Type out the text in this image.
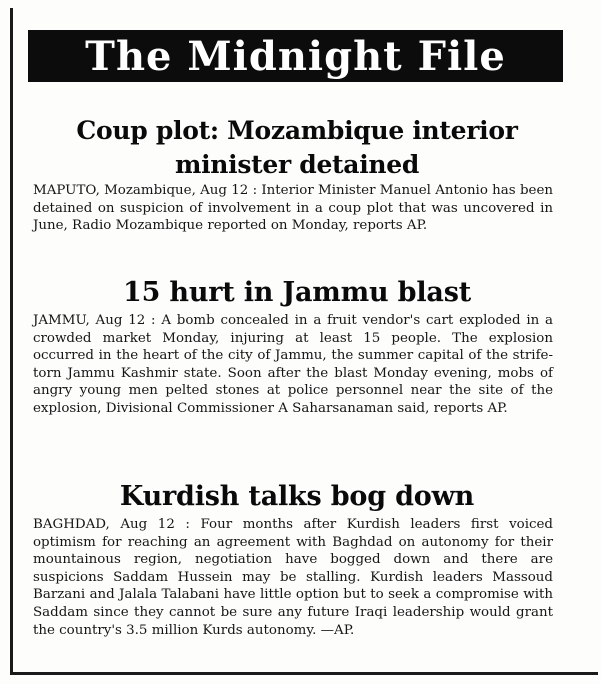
The Midnight File
Coup plot: Mozambique interior minister detained
MAPUTO, Mozambique, Aug 12 : Interior Minister Manuel Antonio has been detained on suspicion of involvement in a coup plot that was uncovered in June, Radio Mozambique reported on Monday, reports AP.
15 hurt in Jammu blast
JAMMU, Aug 12 : A bomb concealed in a fruit vendor's cart exploded in a crowded market Monday, injuring at least 15 people. The explosion occurred in the heart of the city of Jammu, the summer capital of the strife-torn Jammu Kashmir state. Soon after the blast Monday evening, mobs of angry young men pelted stones at police personnel near the site of the explosion, Divisional Commissioner A Saharsanaman said, reports AP.
Kurdish talks bog down
BAGHDAD, Aug 12 : Four months after Kurdish leaders first voiced optimism for reaching an agreement with Baghdad on autonomy for their mountainous region, negotiation have bogged down and there are suspicions Saddam Hussein may be stalling. Kurdish leaders Massoud Barzani and Jalala Talabani have little option but to seek a compromise with Saddam since they cannot be sure any future Iraqi leadership would grant the country's 3.5 million Kurds autonomy. —AP.
